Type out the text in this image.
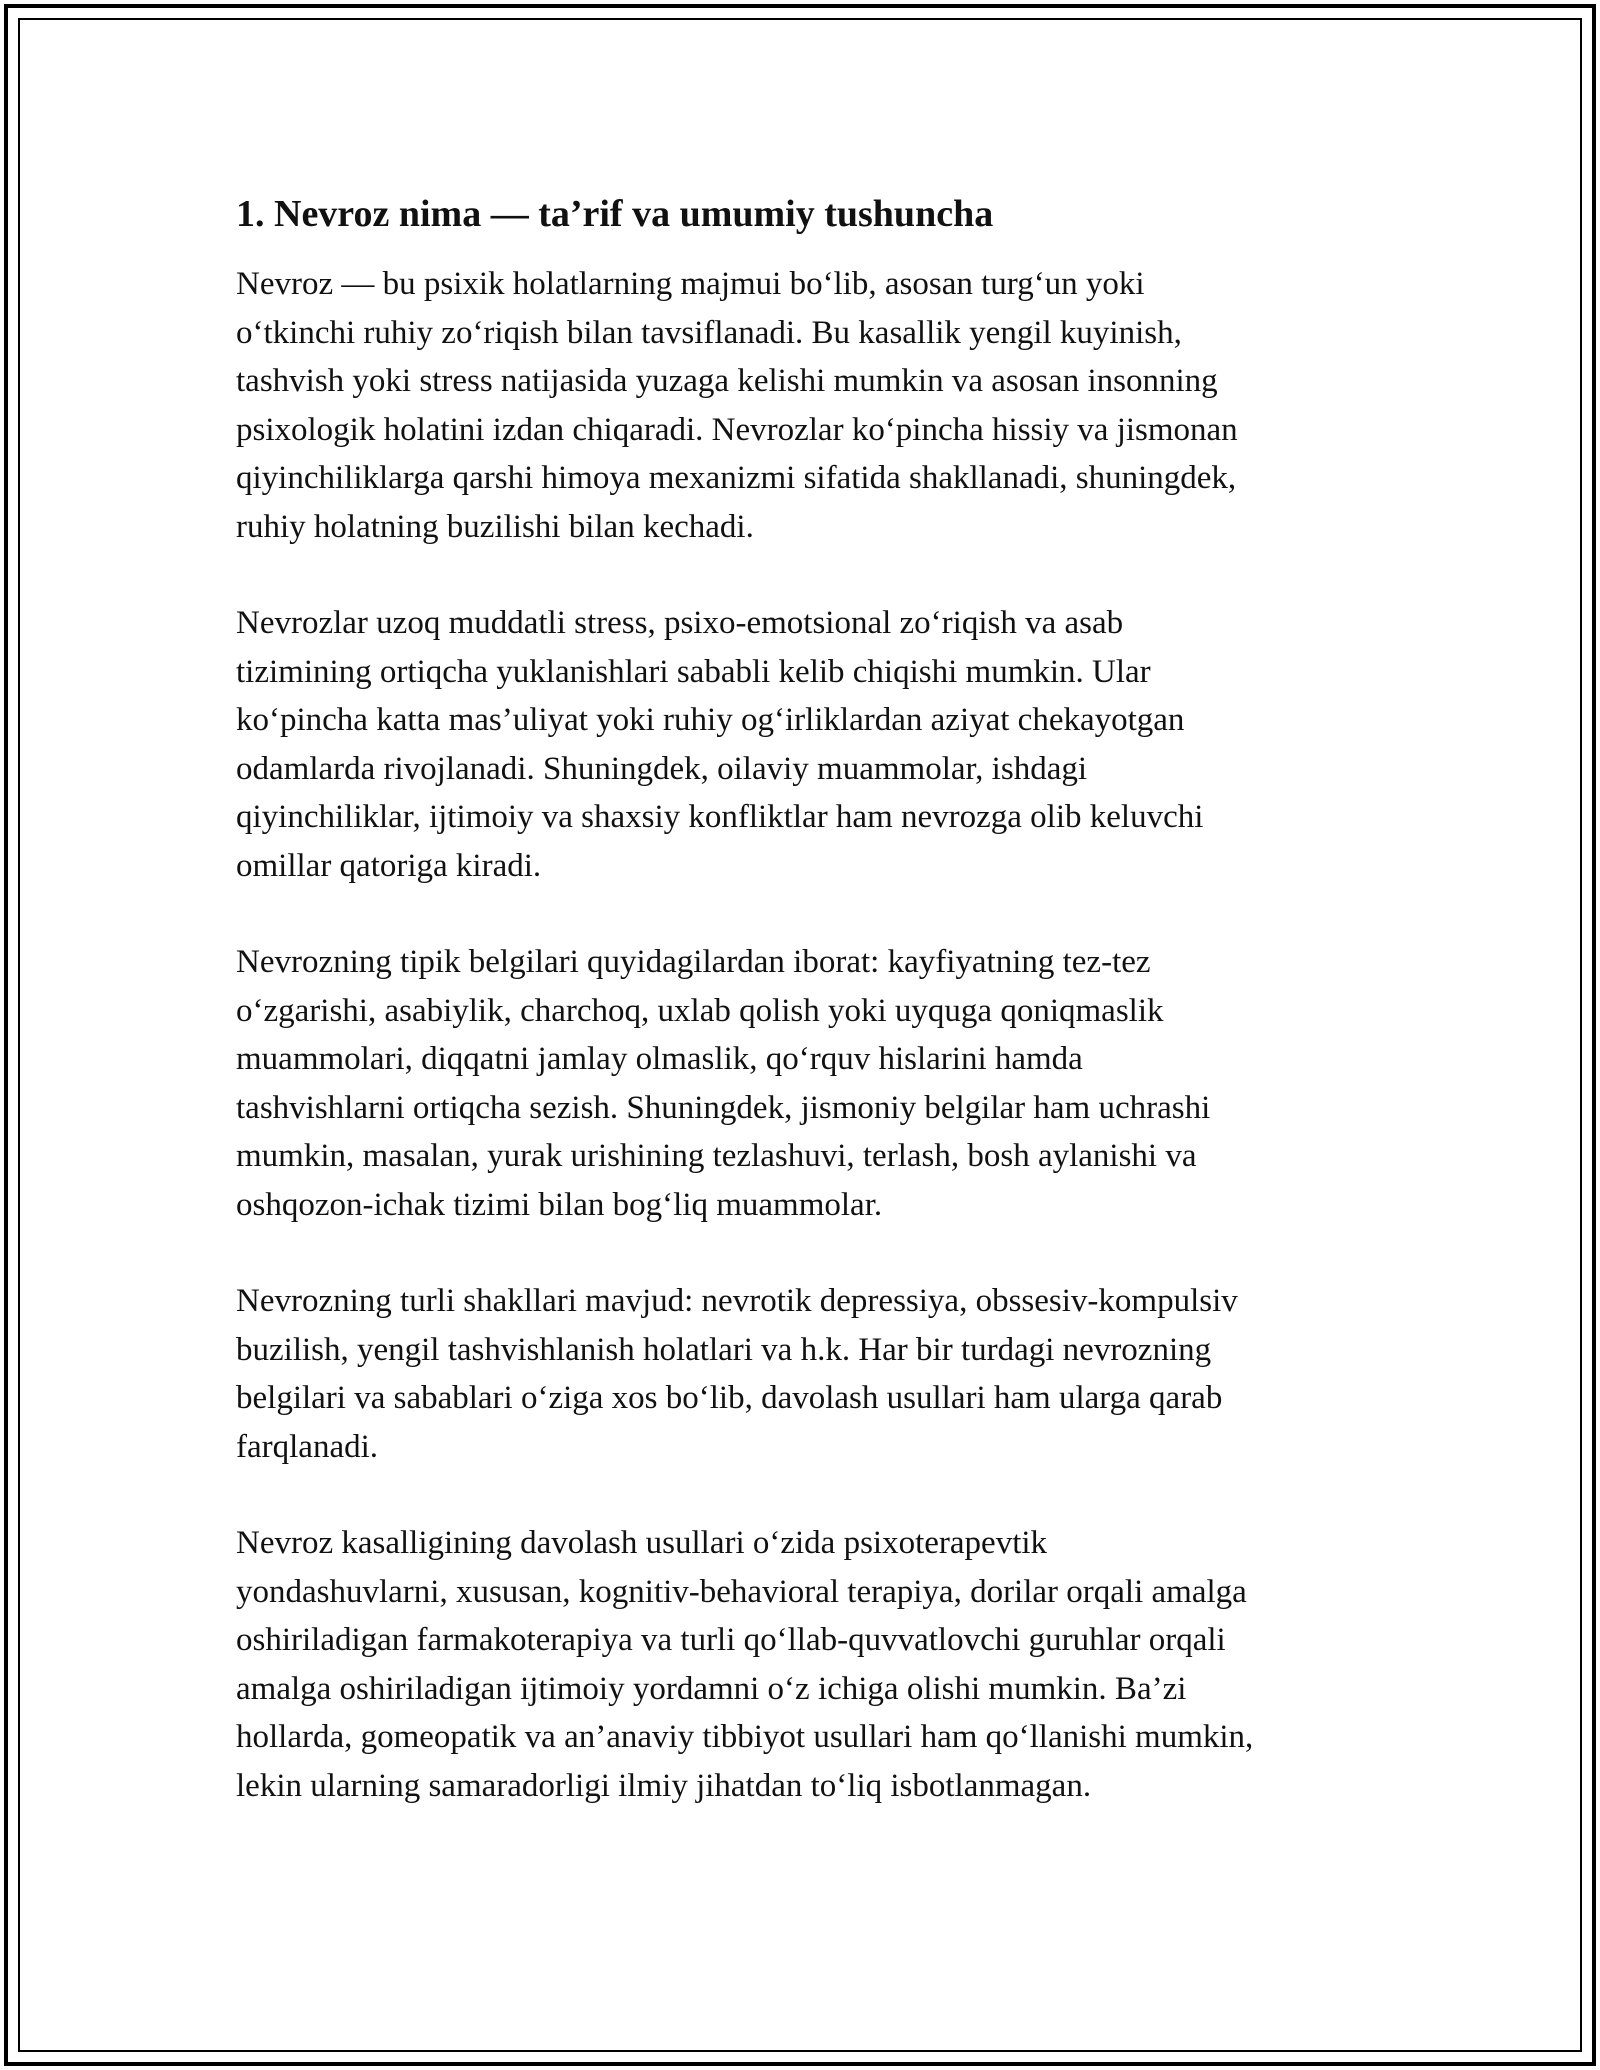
1. Nevroz nima — ta’rif va umumiy tushuncha

Nevroz — bu psixik holatlarning majmui bo‘lib, asosan turg‘un yoki
o‘tkinchi ruhiy zo‘riqish bilan tavsiflanadi. Bu kasallik yengil kuyinish,
tashvish yoki stress natijasida yuzaga kelishi mumkin va asosan insonning
psixologik holatini izdan chiqaradi. Nevrozlar ko‘pincha hissiy va jismonan
qiyinchiliklarga qarshi himoya mexanizmi sifatida shakllanadi, shuningdek,
ruhiy holatning buzilishi bilan kechadi.

Nevrozlar uzoq muddatli stress, psixo-emotsional zo‘riqish va asab
tizimining ortiqcha yuklanishlari sababli kelib chiqishi mumkin. Ular
ko‘pincha katta mas’uliyat yoki ruhiy og‘irliklardan aziyat chekayotgan
odamlarda rivojlanadi. Shuningdek, oilaviy muammolar, ishdagi
qiyinchiliklar, ijtimoiy va shaxsiy konfliktlar ham nevrozga olib keluvchi
omillar qatoriga kiradi.

Nevrozning tipik belgilari quyidagilardan iborat: kayfiyatning tez-tez
o‘zgarishi, asabiylik, charchoq, uxlab qolish yoki uyquga qoniqmaslik
muammolari, diqqatni jamlay olmaslik, qo‘rquv hislarini hamda
tashvishlarni ortiqcha sezish. Shuningdek, jismoniy belgilar ham uchrashi
mumkin, masalan, yurak urishining tezlashuvi, terlash, bosh aylanishi va
oshqozon-ichak tizimi bilan bog‘liq muammolar.

Nevrozning turli shakllari mavjud: nevrotik depressiya, obssesiv-kompulsiv
buzilish, yengil tashvishlanish holatlari va h.k. Har bir turdagi nevrozning
belgilari va sabablari o‘ziga xos bo‘lib, davolash usullari ham ularga qarab
farqlanadi.

Nevroz kasalligining davolash usullari o‘zida psixoterapevtik
yondashuvlarni, xususan, kognitiv-behavioral terapiya, dorilar orqali amalga
oshiriladigan farmakoterapiya va turli qo‘llab-quvvatlovchi guruhlar orqali
amalga oshiriladigan ijtimoiy yordamni o‘z ichiga olishi mumkin. Ba’zi
hollarda, gomeopatik va an’anaviy tibbiyot usullari ham qo‘llanishi mumkin,
lekin ularning samaradorligi ilmiy jihatdan to‘liq isbotlanmagan.
